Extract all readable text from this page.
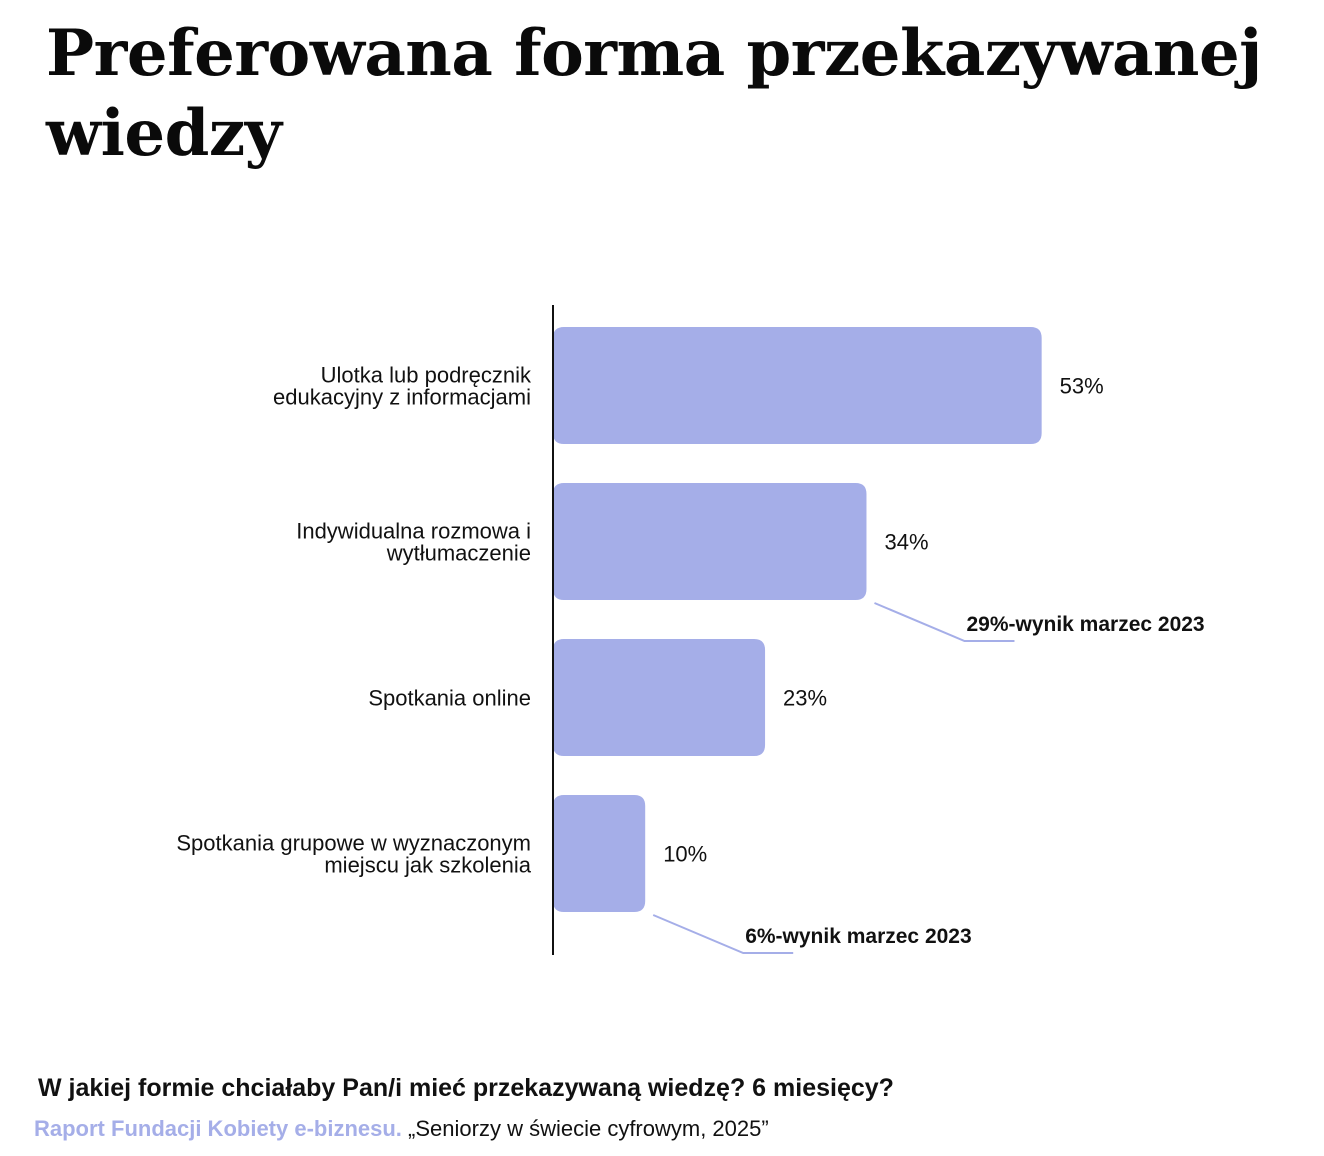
Preferowana forma przekazywanej wiedzy
Ulotka lub podręcznik
edukacyjny z informacjami	53%
Indywidualna rozmowa i
wytłumaczenie	34%
Spotkania online	23%
Spotkania grupowe w wyznaczonym
miejscu jak szkolenia	10%
29%-wynik marzec 2023
6%-wynik marzec 2023

W jakiej formie chciałaby Pan/i mieć przekazywaną wiedzę? 6 miesięcy?

Raport Fundacji Kobiety e-biznesu. „Seniorzy w świecie cyfrowym, 2025”
